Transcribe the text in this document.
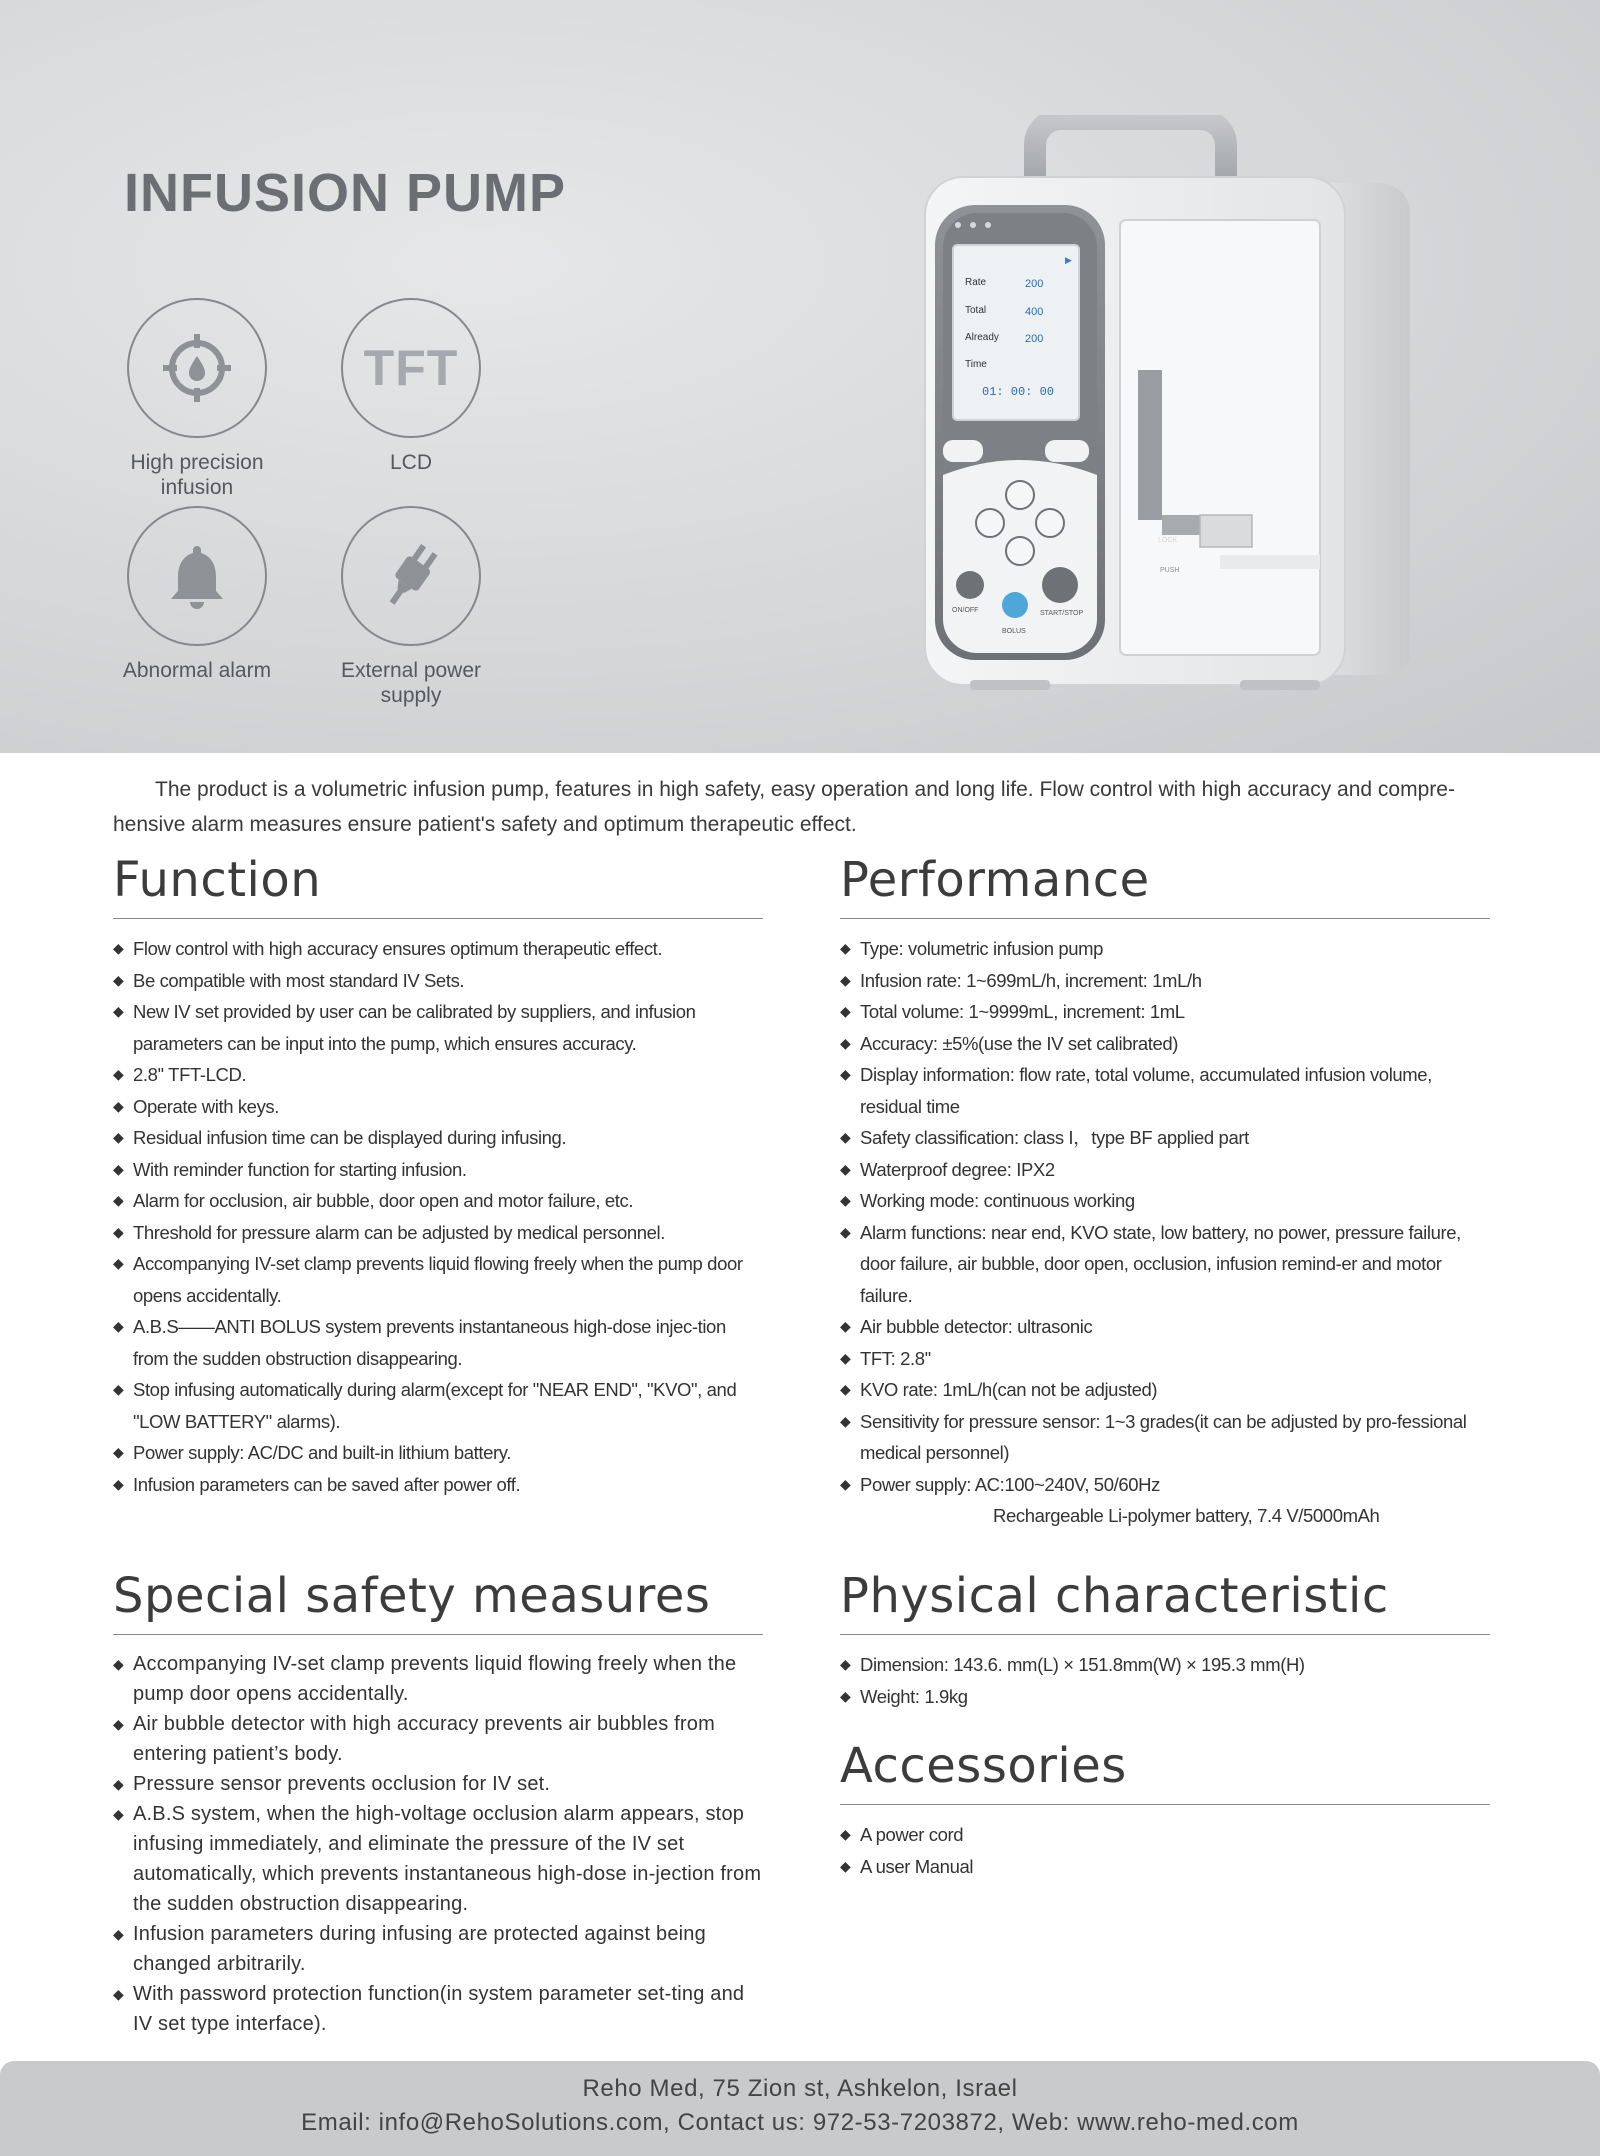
INFUSION PUMP
High precision infusion
TFT
LCD
Abnormal alarm	External power supply
PUSH
LOCK
▶
Rate	200
Total	400
Already 200
Time
01: 00: 00
ON/OFF
BOLUS
START/STOP

The product is a volumetric infusion pump, features in high safety, easy operation and long life. Flow control with high accuracy and compre-hensive alarm measures ensure patient's safety and optimum therapeutic effect.

Function
◆ Flow control with high accuracy ensures optimum therapeutic effect.
◆ Be compatible with most standard IV Sets.
◆ New IV set provided by user can be calibrated by suppliers, and infusion parameters can be input into the pump, which ensures accuracy.
◆ 2.8'' TFT-LCD.
◆ Operate with keys.
◆ Residual infusion time can be displayed during infusing.
◆ With reminder function for starting infusion.
◆ Alarm for occlusion, air bubble, door open and motor failure, etc.
◆ Threshold for pressure alarm can be adjusted by medical personnel.
◆ Accompanying IV-set clamp prevents liquid flowing freely when the pump door opens accidentally.
◆ A.B.S——ANTI BOLUS system prevents instantaneous high-dose injec-tion from the sudden obstruction disappearing.
◆ Stop infusing automatically during alarm(except for "NEAR END", "KVO", and "LOW BATTERY" alarms).
◆ Power supply: AC/DC and built-in lithium battery.
◆ Infusion parameters can be saved after power off.
Performance
◆ Type: volumetric infusion pump
◆ Infusion rate: 1~699mL/h, increment: 1mL/h
◆ Total volume: 1~9999mL, increment: 1mL
◆ Accuracy: ±5%(use the IV set calibrated)
◆ Display information: flow rate, total volume, accumulated infusion volume, residual time
◆ Safety classification: class I，type BF applied part
◆ Waterproof degree: IPX2
◆ Working mode: continuous working
◆ Alarm functions: near end, KVO state, low battery, no power, pressure failure, door failure, air bubble, door open, occlusion, infusion remind-er and motor failure.
◆ Air bubble detector: ultrasonic
◆ TFT: 2.8''
◆ KVO rate: 1mL/h(can not be adjusted)
◆ Sensitivity for pressure sensor: 1~3 grades(it can be adjusted by pro-fessional medical personnel)
◆ Power supply: AC:100~240V, 50/60Hz
Rechargeable Li-polymer battery, 7.4 V/5000mAh
Special safety measures
◆ Accompanying IV-set clamp prevents liquid flowing freely when the pump door opens accidentally.
◆ Air bubble detector with high accuracy prevents air bubbles from entering patient’s body.
◆ Pressure sensor prevents occlusion for IV set.
◆ A.B.S system, when the high-voltage occlusion alarm appears, stop infusing immediately, and eliminate the pressure of the IV set automatically, which prevents instantaneous high-dose in-jection from the sudden obstruction disappearing.
◆ Infusion parameters during infusing are protected against being changed arbitrarily.
◆ With password protection function(in system parameter set-ting and IV set type interface).
Physical characteristic
◆ Dimension: 143.6. mm(L) × 151.8mm(W) × 195.3 mm(H)
◆ Weight: 1.9kg
Accessories
◆ A power cord
◆ A user Manual
Reho Med, 75 Zion st, Ashkelon, Israel
Email: info@RehoSolutions.com, Contact us: 972-53-7203872, Web: www.reho-med.com
